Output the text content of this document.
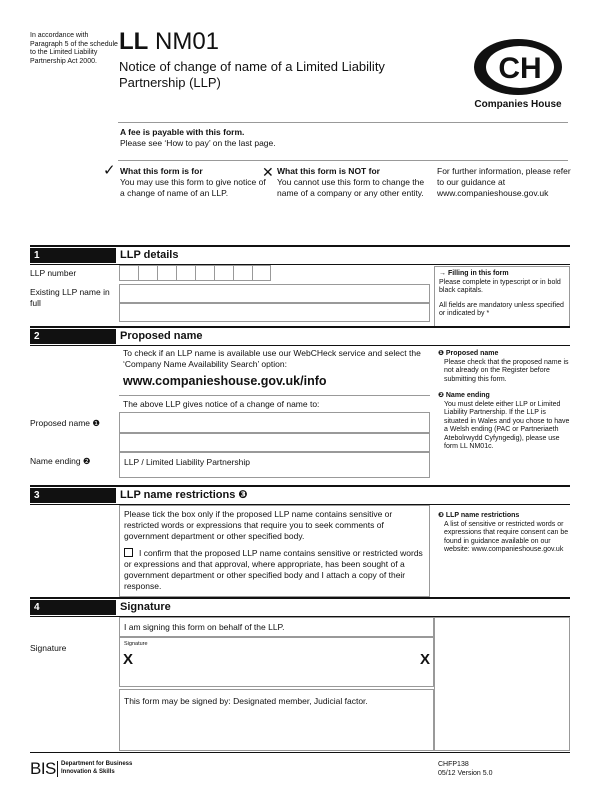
In accordance with Paragraph 5 of the schedule to the Limited Liability Partnership Act 2000.
LL NM01
Notice of change of name of a Limited Liability
Partnership (LLP)	CH
Companies House
A fee is payable with this form.
Please see ‘How to pay’ on the last page.
✓ What this form is for
You may use this form to give notice of a change of name of an LLP.
✕ What this form is NOT for
You cannot use this form to change the name of a company or any other entity.
For further information, please refer to our guidance at www.companieshouse.gov.uk
1	LLP details
LLP number
Existing LLP name in full
→ Filling in this form
Please complete in typescript or in bold black capitals.
All fields are mandatory unless specified or indicated by *
2	Proposed name
To check if an LLP name is available use our WebCHeck service and select the ‘Company Name Availability Search’ option:
www.companieshouse.gov.uk/info
The above LLP gives notice of a change of name to:
Proposed name ❶
Name ending ❷	LLP / Limited Liability Partnership
❶ Proposed name
Please check that the proposed name is not already on the Register before submitting this form.
❷ Name ending
You must delete either LLP or Limited Liability Partnership. If the LLP is situated in Wales and you chose to have a Welsh ending (PAC or Partneriaeth Atebolrwydd Cyfyngedig), please use form LL NM01c.
3	LLP name restrictions ❸
Please tick the box only if the proposed LLP name contains sensitive or restricted words or expressions that require you to seek comments of government department or other specified body.
I confirm that the proposed LLP name contains sensitive or restricted words or expressions and that approval, where appropriate, has been sought of a government department or other specified body and I attach a copy of their response.
❸ LLP name restrictions
A list of sensitive or restricted words or expressions that require consent can be found in guidance available on our website: www.companieshouse.gov.uk
4	Signature
I am signing this form on behalf of the LLP.
Signature	Signature
X	X
This form may be signed by: Designated member, Judicial factor.
BIS Department for Business
Innovation & Skills
CHFP138
05/12 Version 5.0
